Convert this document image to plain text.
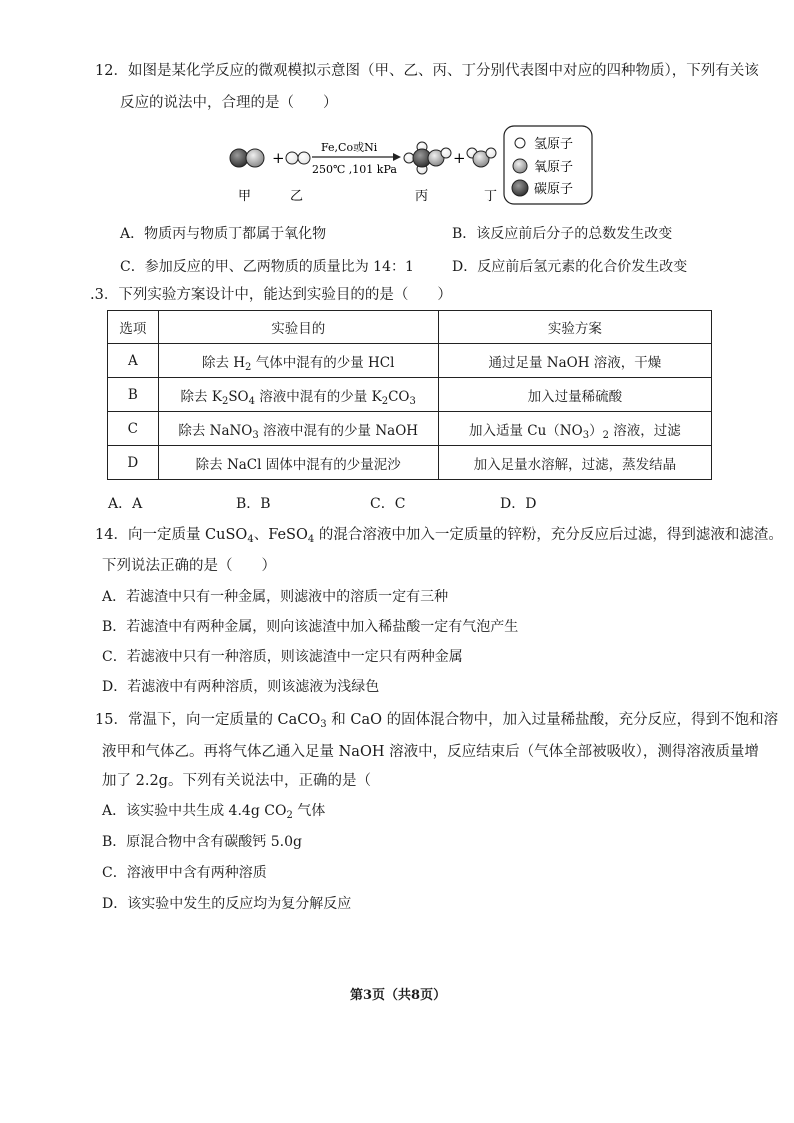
12．如图是某化学反应的微观模拟示意图（甲、乙、丙、丁分别代表图中对应的四种物质），下列有关该
反应的说法中，合理的是（　　）
+
Fe,Co或Ni
250℃ ,101 kPa
+
甲	乙	丙	丁
氢原子
氧原子
碳原子
A．物质丙与物质丁都属于氧化物	B．该反应前后分子的总数发生改变
C．参加反应的甲、乙两物质的质量比为 14：1	D．反应前后氢元素的化合价发生改变
.3．下列实验方案设计中，能达到实验目的的是（　　）
选项	实验目的	实验方案
A	除去 $H_2$ 气体中混有的少量 HCl	通过足量 NaOH 溶液，干燥
B	除去 $K_2SO_4$ 溶液中混有的少量 $K_2CO_3$	加入过量稀硫酸
C	除去 NaNO$_3$ 溶液中混有的少量 NaOH	加入适量 $Cu(NO_3)_2$ 溶液，过滤
D	除去 NaCl 固体中混有的少量泥沙	加入足量水溶解，过滤，蒸发结晶
A．A	B．B	C．C	D．D
14．向一定质量 CuSO$_4$、FeSO$_4$ 的混合溶液中加入一定质量的锌粉，充分反应后过滤，得到滤液和滤渣。
下列说法正确的是（　　）
A．若滤渣中只有一种金属，则滤液中的溶质一定有三种
B．若滤渣中有两种金属，则向该滤渣中加入稀盐酸一定有气泡产生
C．若滤液中只有一种溶质，则该滤渣中一定只有两种金属
D．若滤液中有两种溶质，则该滤液为浅绿色
15．常温下，向一定质量的 CaCO$_3$ 和 CaO 的固体混合物中，加入过量稀盐酸，充分反应，得到不饱和溶
液甲和气体乙。再将气体乙通入足量 NaOH 溶液中，反应结束后（气体全部被吸收），测得溶液质量增
加了 2.2g。下列有关说法中，正确的是（
A．该实验中共生成 4.4g $CO_2$ 气体
B．原混合物中含有碳酸钙 5.0g
C．溶液甲中含有两种溶质
D．该实验中发生的反应均为复分解反应
第3页（共8页）
